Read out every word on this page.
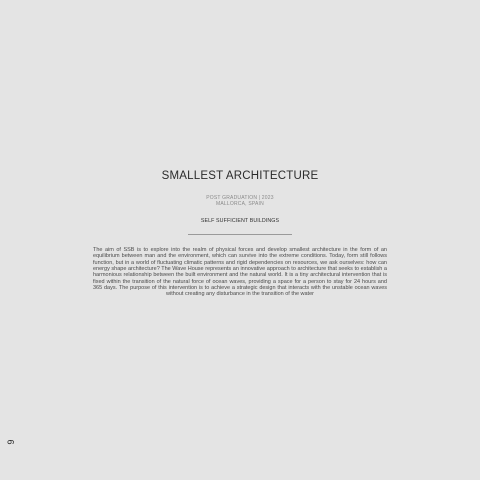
SMALLEST ARCHITECTURE

POST GRADUATION | 2023

MALLORCA, SPAIN

SELF SUFFICIENT BUILDINGS

The aim of SSB is to explore into the realm of physical forces and develop smallest architecture in the form of an equilibrium between man and the environment, which can survive into the extreme conditions. Today, form still follows function, but in a world of fluctuating climatic patterns and rigid dependencies on resources, we ask ourselves: how can energy shape architecture? The Wave House represents an innovative approach to architecture that seeks to establish a harmonious relationship between the built environment and the natural world. It is a tiny architectural intervention that is fixed within the transition of the natural force of ocean waves, providing a space for a person to stay for 24 hours and 365 days. The purpose of this intervention is to achieve a strategic design that interacts with the unstable ocean waves without creating any disturbance in the transition of the water

6
